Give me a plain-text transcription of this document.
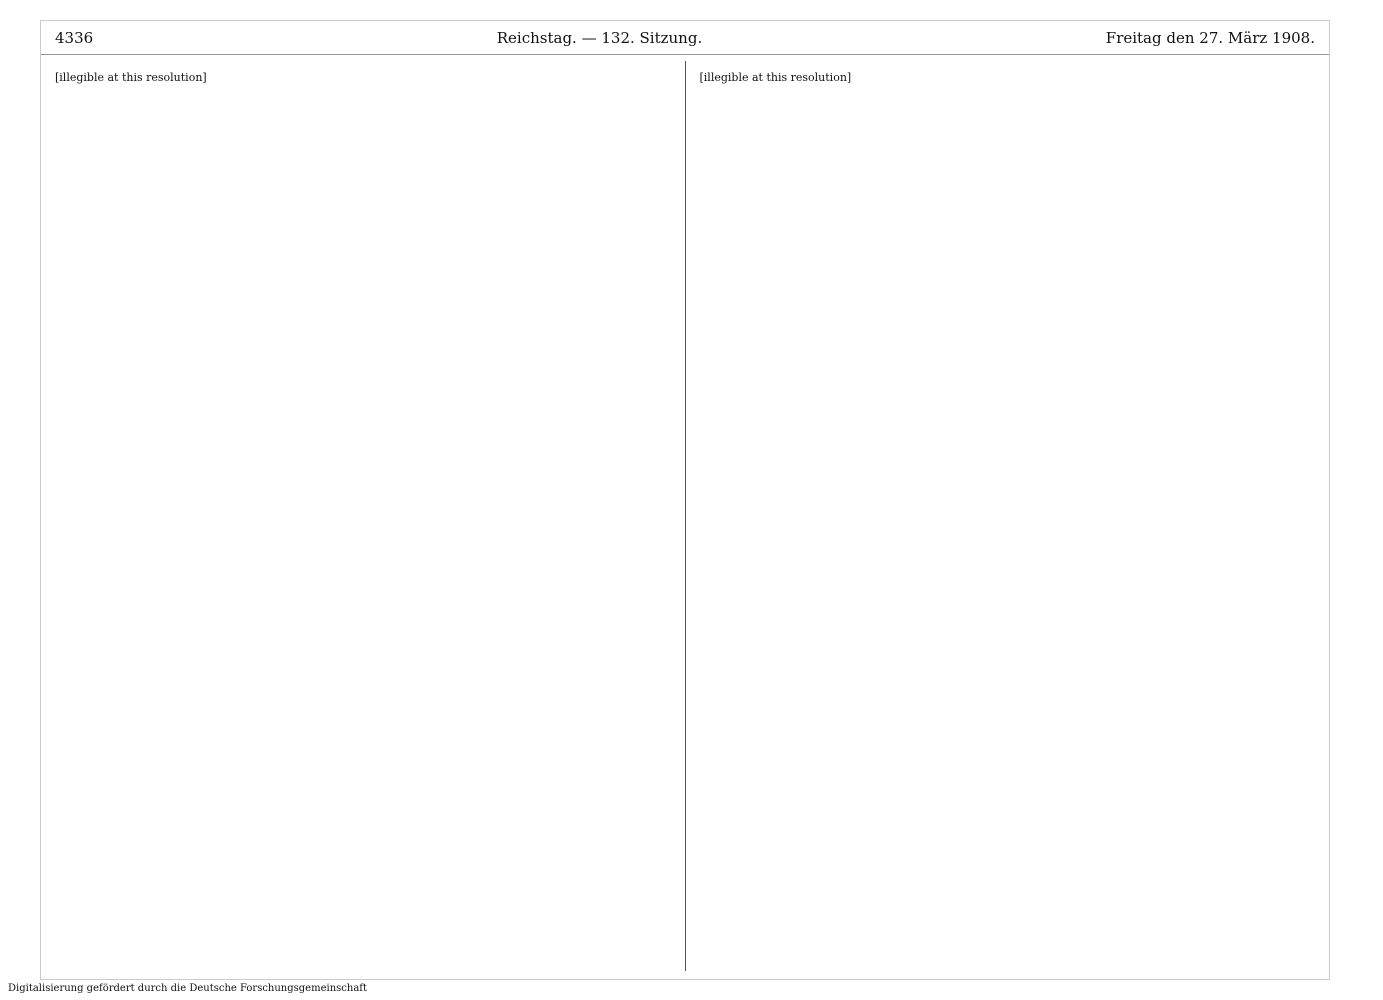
4336	Reichstag. — 132. Sitzung.	Freitag den 27. März 1908.

[illegible at this resolution]	[illegible at this resolution]

Digitalisierung gefördert durch die Deutsche Forschungsgemeinschaft
